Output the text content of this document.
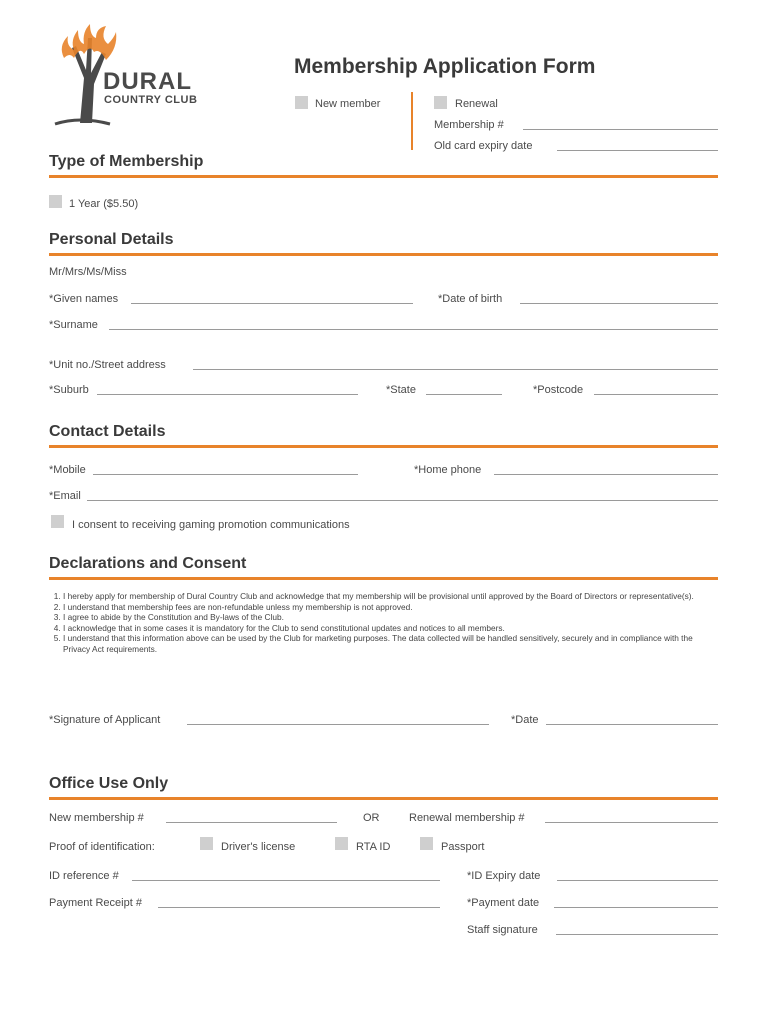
DURAL
COUNTRY CLUB
Membership Application Form
New member	Renewal
Membership #
Old card expiry date
Type of Membership
1 Year ($5.50)
Personal Details
Mr/Mrs/Ms/Miss
*Given names	*Date of birth
*Surname
*Unit no./Street address
*Suburb	*State	*Postcode
Contact Details
*Mobile	*Home phone
*Email
I consent to receiving gaming promotion communications
Declarations and Consent
1. I hereby apply for membership of Dural Country Club and acknowledge that my membership will be provisional until approved by the Board of Directors or representative(s).
2. I understand that membership fees are non-refundable unless my membership is not approved.
3. I agree to abide by the Constitution and By-laws of the Club.
4. I acknowledge that in some cases it is mandatory for the Club to send constitutional updates and notices to all members.
5. I understand that this information above can be used by the Club for marketing purposes. The data collected will be handled sensitively, securely and in compliance with the Privacy Act requirements.
*Signature of Applicant	*Date
Office Use Only
New membership #	OR	Renewal membership #
Proof of identification:	Driver's license	RTA ID	Passport
ID reference #	*ID Expiry date
Payment Receipt #	*Payment date
Staff signature
